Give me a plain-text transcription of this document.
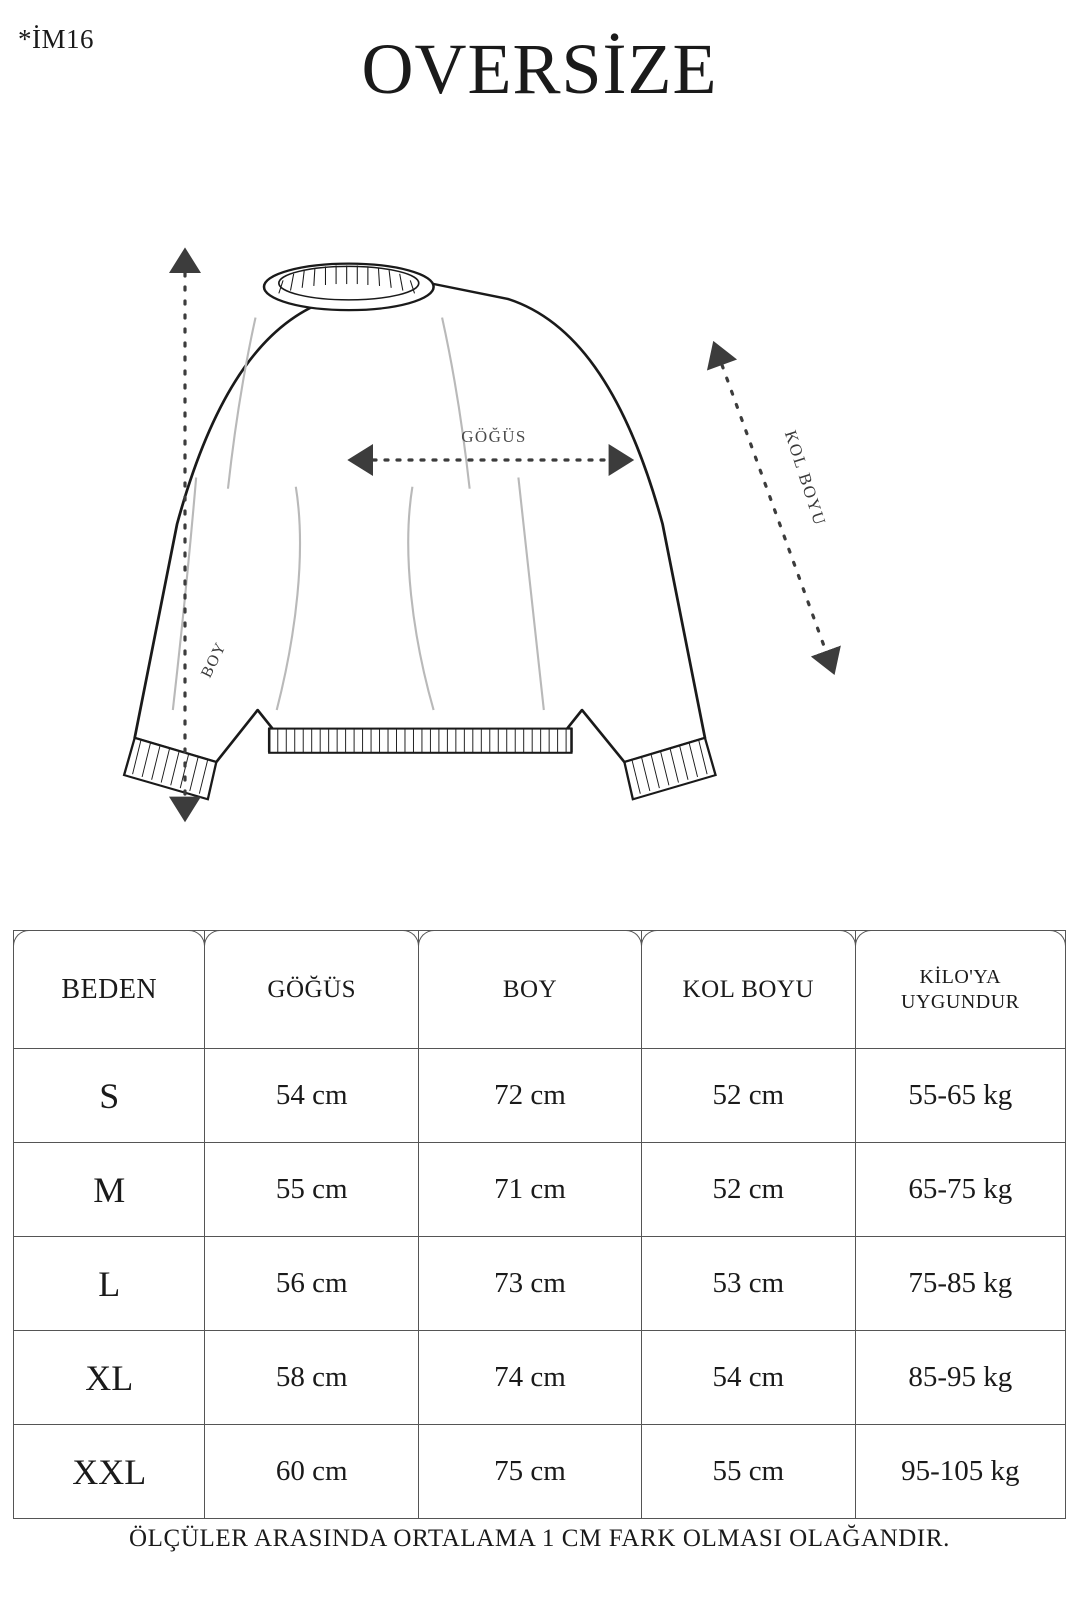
*İM16	OVERSİZE
GÖĞÜS
BOY
KOL BOYU
BEDEN	GÖĞÜS	BOY	KOL BOYU	KİLO'YA
UYGUNDUR

S	54 cm	72 cm	52 cm	55-65 kg
M	55 cm	71 cm	52 cm	65-75 kg
L	56 cm	73 cm	53 cm	75-85 kg
XL	58 cm	74 cm	54 cm	85-95 kg
XXL	60 cm	75 cm	55 cm	95-105 kg
ÖLÇÜLER ARASINDA ORTALAMA 1 CM FARK OLMASI OLAĞANDIR.
